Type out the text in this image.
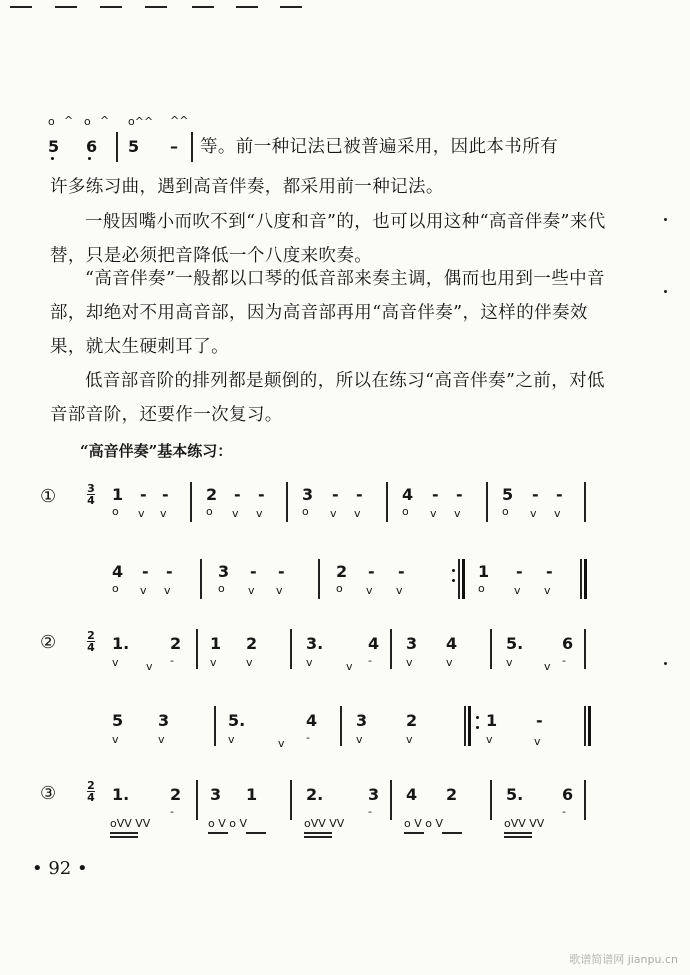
o ^ o ^ o^^ ^^
5 6 5 – 等。前一种记法已被普遍采用，因此本书所有

许多练习曲，遇到高音伴奏，都采用前一种记法。

一般因嘴小而吹不到“八度和音”的，也可以用这种“高音伴奏”来代替，只是必须把音降低一个八度来吹奏。

“高音伴奏”一般都以口琴的低音部来奏主调，偶而也用到一些中音部，却绝对不用高音部，因为高音部再用“高音伴奏”，这样的伴奏效果，就太生硬刺耳了。

低音部音阶的排列都是颠倒的，所以在练习“高音伴奏”之前，对低音部音阶，还要作一次复习。

“高音伴奏”基本练习：
①	3
4 1 - -
o v v
2 - -
o v v
3 - -
o v v
4 - -
o v v
5 - -
o v v
4 - -
o v v
3 - -
o v v
2 - -
o v v
1 - -
o	v v
②	2
4 1.	2
v v -
1 2
v	v
3.	4
v	v -
3 4
v	v
5. 6
v	v -
5 3
v	v
5.	4
v	v -
3 2
v	v
1 -
v	v
③	2
4 1.	2
oVV VV
-
3 1
o V o V
2.	3
oVV VV
-
4 2
o V o V
5. 6
oVV VV
-
• 92 •
歌谱简谱网 jianpu.cn
